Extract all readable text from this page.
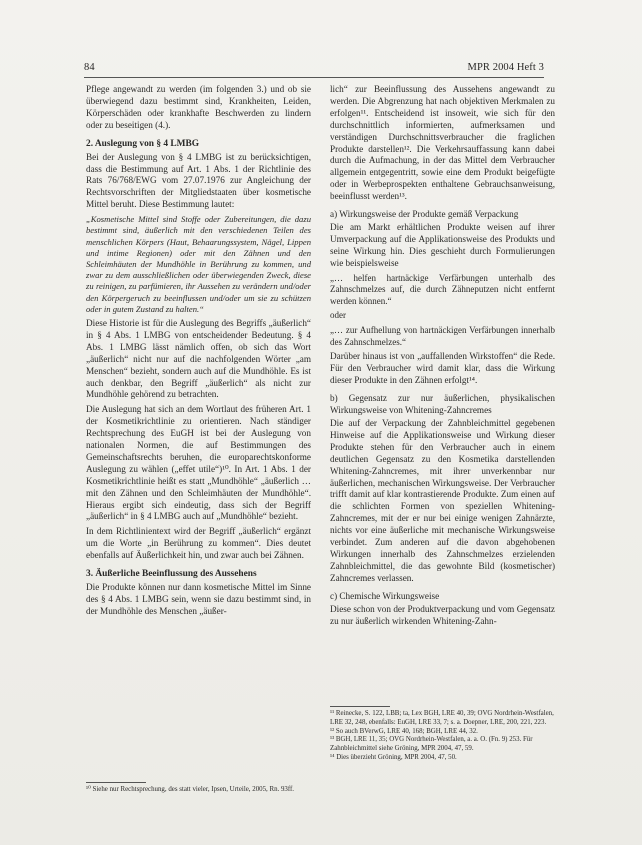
84	MPR 2004 Heft 3

Pflege angewandt zu werden (im folgenden 3.) und ob sie überwiegend dazu bestimmt sind, Krankheiten, Leiden, Körperschäden oder krankhafte Beschwerden zu lindern oder zu beseitigen (4.).

2. Auslegung von § 4 LMBG

Bei der Auslegung von § 4 LMBG ist zu berücksichtigen, dass die Bestimmung auf Art. 1 Abs. 1 der Richtlinie des Rats 76/768/EWG vom 27.07.1976 zur Angleichung der Rechtsvorschriften der Mitgliedstaaten über kosmetische Mittel beruht. Diese Bestimmung lautet:

„Kosmetische Mittel sind Stoffe oder Zubereitungen, die dazu bestimmt sind, äußerlich mit den verschiedenen Teilen des menschlichen Körpers (Haut, Behaarungssystem, Nägel, Lippen und intime Regionen) oder mit den Zähnen und den Schleimhäuten der Mundhöhle in Berührung zu kommen, und zwar zu dem ausschließlichen oder überwiegenden Zweck, diese zu reinigen, zu parfümieren, ihr Aussehen zu verändern und/oder den Körpergeruch zu beeinflussen und/oder um sie zu schützen oder in gutem Zustand zu halten.“

Diese Historie ist für die Auslegung des Begriffs „äußerlich“ in § 4 Abs. 1 LMBG von entscheidender Bedeutung. § 4 Abs. 1 LMBG lässt nämlich offen, ob sich das Wort „äußerlich“ nicht nur auf die nachfolgenden Wörter „am Menschen“ bezieht, sondern auch auf die Mundhöhle. Es ist auch denkbar, den Begriff „äußerlich“ als nicht zur Mundhöhle gehörend zu betrachten.

Die Auslegung hat sich an dem Wortlaut des früheren Art. 1 der Kosmetikrichtlinie zu orientieren. Nach ständiger Rechtsprechung des EuGH ist bei der Auslegung von nationalen Normen, die auf Bestimmungen des Gemeinschaftsrechts beruhen, die europarechtskonforme Auslegung zu wählen („effet utile“)¹⁰. In Art. 1 Abs. 1 der Kosmetikrichtlinie heißt es statt „Mundhöhle“ „äußerlich … mit den Zähnen und den Schleimhäuten der Mundhöhle“. Hieraus ergibt sich eindeutig, dass sich der Begriff „äußerlich“ in § 4 LMBG auch auf „Mundhöhle“ bezieht.

In dem Richtlinientext wird der Begriff „äußerlich“ ergänzt um die Worte „in Berührung zu kommen“. Dies deutet ebenfalls auf Äußerlichkeit hin, und zwar auch bei Zähnen.

3. Äußerliche Beeinflussung des Aussehens

Die Produkte können nur dann kosmetische Mittel im Sinne des § 4 Abs. 1 LMBG sein, wenn sie dazu bestimmt sind, in der Mundhöhle des Menschen „äußer-

¹⁰ Siehe nur Rechtsprechung, des statt vieler, Ipsen, Urteile, 2005, Rn. 93ff.

lich“ zur Beeinflussung des Aussehens angewandt zu werden. Die Abgrenzung hat nach objektiven Merkmalen zu erfolgen¹¹. Entscheidend ist insoweit, wie sich für den durchschnittlich informierten, aufmerksamen und verständigen Durchschnittsverbraucher die fraglichen Produkte darstellen¹². Die Verkehrsauffassung kann dabei durch die Aufmachung, in der das Mittel dem Verbraucher allgemein entgegentritt, sowie eine dem Produkt beigefügte oder in Werbeprospekten enthaltene Gebrauchsanweisung, beeinflusst werden¹³.

a) Wirkungsweise der Produkte gemäß Verpackung

Die am Markt erhältlichen Produkte weisen auf ihrer Umverpackung auf die Applikationsweise des Produkts und seine Wirkung hin. Dies geschieht durch Formulierungen wie beispielsweise

„… helfen hartnäckige Verfärbungen unterhalb des Zahnschmelzes auf, die durch Zähneputzen nicht entfernt werden können.“

oder

„… zur Aufhellung von hartnäckigen Verfärbungen innerhalb des Zahnschmelzes.“

Darüber hinaus ist von „auffallenden Wirkstoffen“ die Rede. Für den Verbraucher wird damit klar, dass die Wirkung dieser Produkte in den Zähnen erfolgt¹⁴.

b) Gegensatz zur nur äußerlichen, physikalischen Wirkungsweise von Whitening-Zahncremes

Die auf der Verpackung der Zahnbleichmittel gegebenen Hinweise auf die Applikationsweise und Wirkung dieser Produkte stehen für den Verbraucher auch in einem deutlichen Gegensatz zu den Kosmetika darstellenden Whitening-Zahncremes, mit ihrer unverkennbar nur äußerlichen, mechanischen Wirkungsweise. Der Verbraucher trifft damit auf klar kontrastierende Produkte. Zum einen auf die schlichten Formen von speziellen Whitening-Zahncremes, mit der er nur bei einige wenigen Zahnärzte, nichts vor eine äußerliche mit mechanische Wirkungsweise verbindet. Zum anderen auf die davon abgehobenen Wirkungen innerhalb des Zahnschmelzes erzielenden Zahnbleichmittel, die das gewohnte Bild (kosmetischer) Zahncremes verlassen.

c) Chemische Wirkungsweise

Diese schon von der Produktverpackung und vom Gegensatz zu nur äußerlich wirkenden Whitening-Zahn-

¹¹ Reinecke, S. 122, LBB; ta, Lex BGH, LRE 40, 39; OVG Nordrhein-Westfalen, LRE 32, 248, ebenfalls: EuGH, LRE 33, 7; s. a. Doepner, LRE, 200, 221, 223.

¹² So auch BVerwG, LRE 40, 168; BGH, LRE 44, 32.

¹³ BGH, LRE 11, 35; OVG Nordrhein-Westfalen, a. a. O. (Fn. 9) 253. Für Zahnbleichmittel siehe Gröning, MPR 2004, 47, 59.

¹⁴ Dies überzieht Gröning, MPR 2004, 47, 50.
